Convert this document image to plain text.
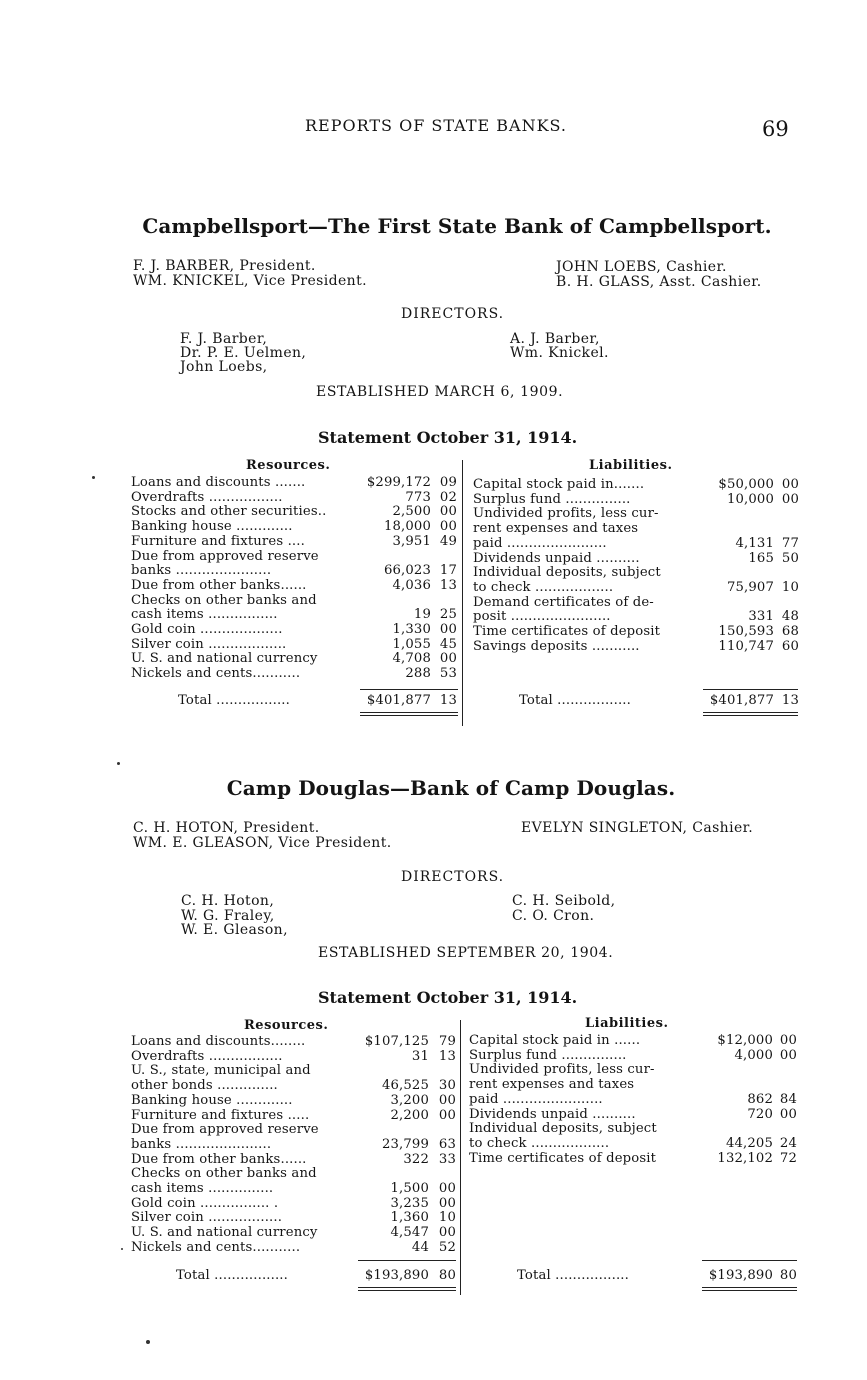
REPORTS OF STATE BANKS.	69
Campbellsport—The First State Bank of Campbellsport.
F. J. BARBER, President.
WM. KNICKEL, Vice President.
JOHN LOEBS, Cashier.
B. H. GLASS, Asst. Cashier.
DIRECTORS.
F. J. Barber,
Dr. P. E. Uelmen,
John Loebs,
A. J. Barber,
Wm. Knickel.
ESTABLISHED MARCH 6, 1909.
Statement October 31, 1914.
Resources.	Liabilities.
Loans and discounts .......	$299,172 09
Overdrafts .................	773 02
Stocks and other securities..	2,500 00
Banking house .............	18,000 00
Furniture and fixtures ....	3,951 49
Due from approved reserve
banks ......................	66,023 17
Due from other banks......	4,036 13
Checks on other banks and
cash items ................	19 25
Gold coin ...................	1,330 00
Silver coin ..................	1,055 45
U. S. and national currency	4,708 00
Nickels and cents...........	288 53
Capital stock paid in.......	$50,000 00
Surplus fund ...............	10,000 00
Undivided profits, less cur-
rent expenses and taxes
paid .......................	4,131 77
Dividends unpaid ..........	165 50
Individual deposits, subject
to check ..................	75,907 10
Demand certificates of de-
posit .......................	331 48
Time certificates of deposit	150,593 68
Savings deposits ...........	110,747 60
Total .................	$401,877 13	Total .................	$401,877 13
Camp Douglas—Bank of Camp Douglas.
C. H. HOTON, President.
WM. E. GLEASON, Vice President.
EVELYN SINGLETON, Cashier.
DIRECTORS.
C. H. Hoton,
W. G. Fraley,
W. E. Gleason,
C. H. Seibold,
C. O. Cron.
ESTABLISHED SEPTEMBER 20, 1904.
Statement October 31, 1914.
Resources.	Liabilities.
Loans and discounts........	$107,125 79
Overdrafts .................	31 13
U. S., state, municipal and
other bonds ..............	46,525 30
Banking house .............	3,200 00
Furniture and fixtures .....	2,200 00
Due from approved reserve
banks ......................	23,799 63
Due from other banks......	322 33
Checks on other banks and
cash items ...............	1,500 00
Gold coin ................ .	3,235 00
Silver coin .................	1,360 10
U. S. and national currency	4,547 00
Nickels and cents...........	44 52
Capital stock paid in ......	$12,000 00
Surplus fund ...............	4,000 00
Undivided profits, less cur-
rent expenses and taxes
paid .......................	862 84
Dividends unpaid ..........	720 00
Individual deposits, subject
to check ..................	44,205 24
Time certificates of deposit	132,102 72
Total .................	$193,890 80	Total .................	$193,890 80
